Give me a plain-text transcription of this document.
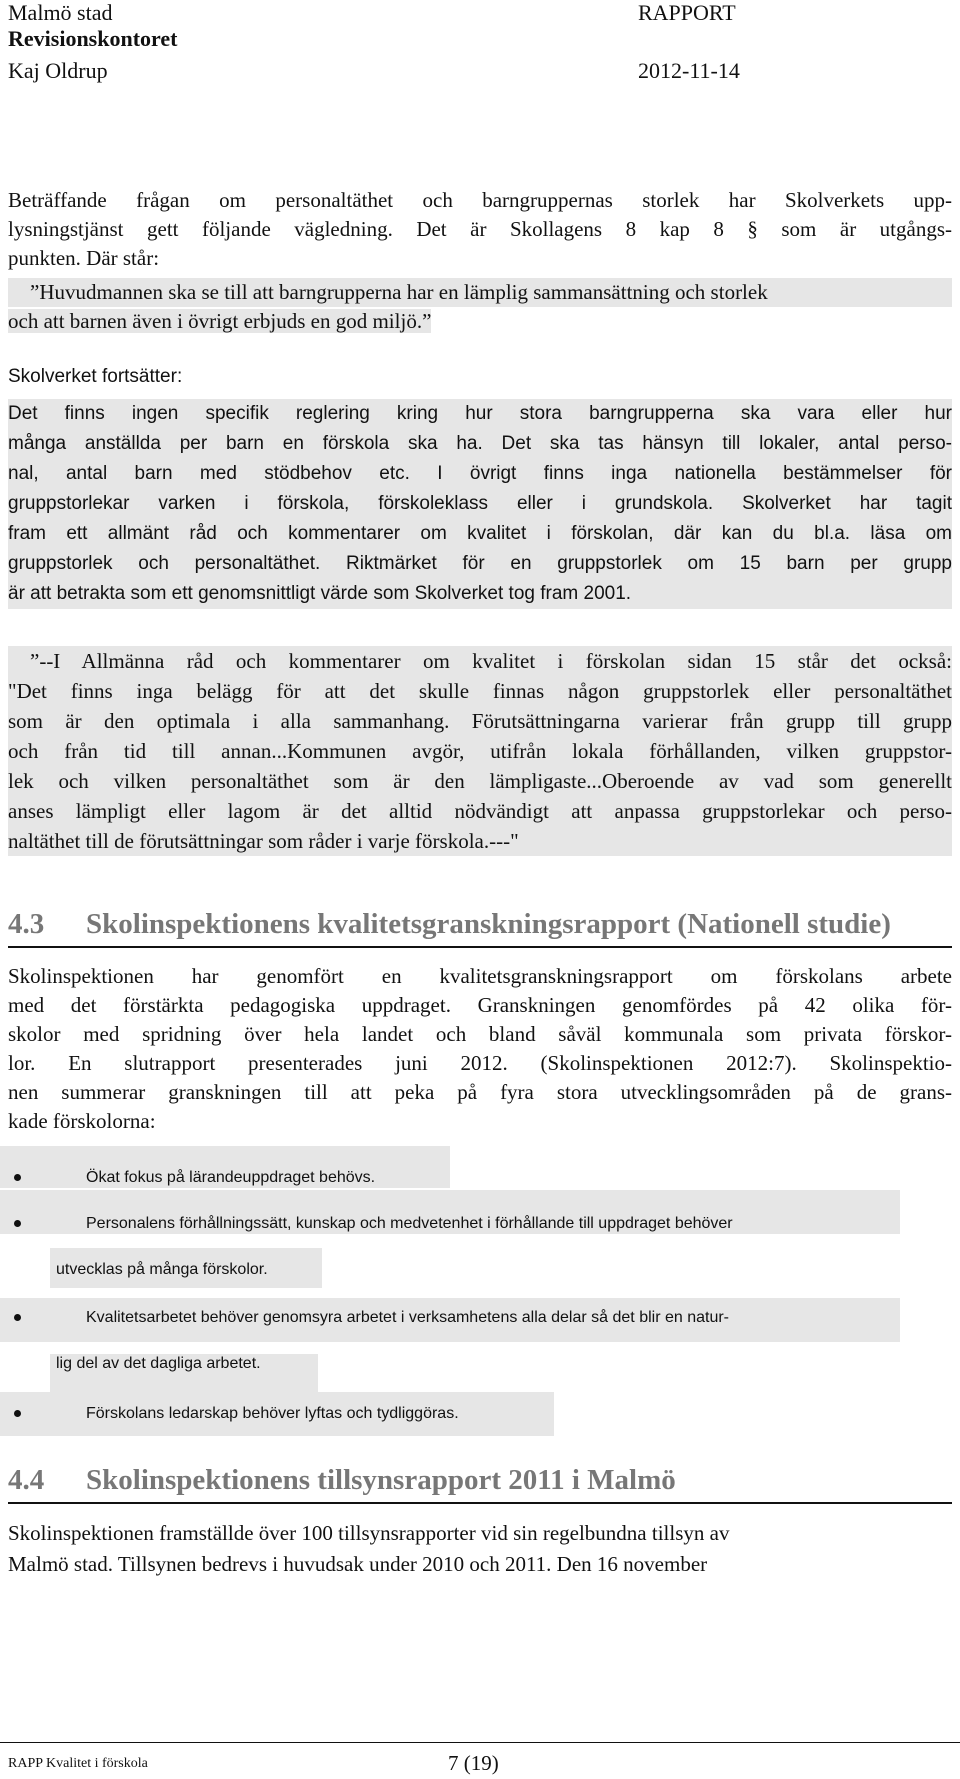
Malmö stad
Revisionskontoret
Kaj Oldrup
RAPPORT
2012-11-14
Beträffande frågan om personaltäthet och barngruppernas storlek har Skolverkets upp-
lysningstjänst gett följande vägledning. Det är Skollagens 8 kap 8 § som är utgångs-
punkten. Där står:
”Huvudmannen ska se till att barngrupperna har en lämplig sammansättning och storlek
och att barnen även i övrigt erbjuds en god miljö.”
Skolverket fortsätter:
Det finns ingen specifik reglering kring hur stora barngrupperna ska vara eller hur
många anställda per barn en förskola ska ha. Det ska tas hänsyn till lokaler, antal perso-
nal, antal barn med stödbehov etc. I övrigt finns inga nationella bestämmelser för
gruppstorlekar varken i förskola, förskoleklass eller i grundskola. Skolverket har tagit
fram ett allmänt råd och kommentarer om kvalitet i förskolan, där kan du bl.a. läsa om
gruppstorlek och personaltäthet. Riktmärket för en gruppstorlek om 15 barn per grupp
är att betrakta som ett genomsnittligt värde som Skolverket tog fram 2001.
”--I Allmänna råd och kommentarer om kvalitet i förskolan sidan 15 står det också:
"Det finns inga belägg för att det skulle finnas någon gruppstorlek eller personaltäthet
som är den optimala i alla sammanhang. Förutsättningarna varierar från grupp till grupp
och från tid till annan...Kommunen avgör, utifrån lokala förhållanden, vilken gruppstor-
lek och vilken personaltäthet som är den lämpligaste...Oberoende av vad som generellt
anses lämpligt eller lagom är det alltid nödvändigt att anpassa gruppstorlekar och perso-
naltäthet till de förutsättningar som råder i varje förskola.---"
4.3 Skolinspektionens kvalitetsgranskningsrapport (Nationell studie)
Skolinspektionen har genomfört en kvalitetsgranskningsrapport om förskolans arbete
med det förstärkta pedagogiska uppdraget. Granskningen genomfördes på 42 olika för-
skolor med spridning över hela landet och bland såväl kommunala som privata förskor-
lor. En slutrapport presenterades juni 2012. (Skolinspektionen 2012:7). Skolinspektio-
nen summerar granskningen till att peka på fyra stora utvecklingsområden på de grans-
kade förskolorna:
Ökat fokus på lärandeuppdraget behövs.
Personalens förhållningssätt, kunskap och medvetenhet i förhållande till uppdraget behöver
utvecklas på många förskolor.
Kvalitetsarbetet behöver genomsyra arbetet i verksamhetens alla delar så det blir en natur-
lig del av det dagliga arbetet.
Förskolans ledarskap behöver lyftas och tydliggöras.
4.4 Skolinspektionens tillsynsrapport 2011 i Malmö
Skolinspektionen framställde över 100 tillsynsrapporter vid sin regelbundna tillsyn av
Malmö stad. Tillsynen bedrevs i huvudsak under 2010 och 2011. Den 16 november
RAPP Kvalitet i förskola	7 (19)
